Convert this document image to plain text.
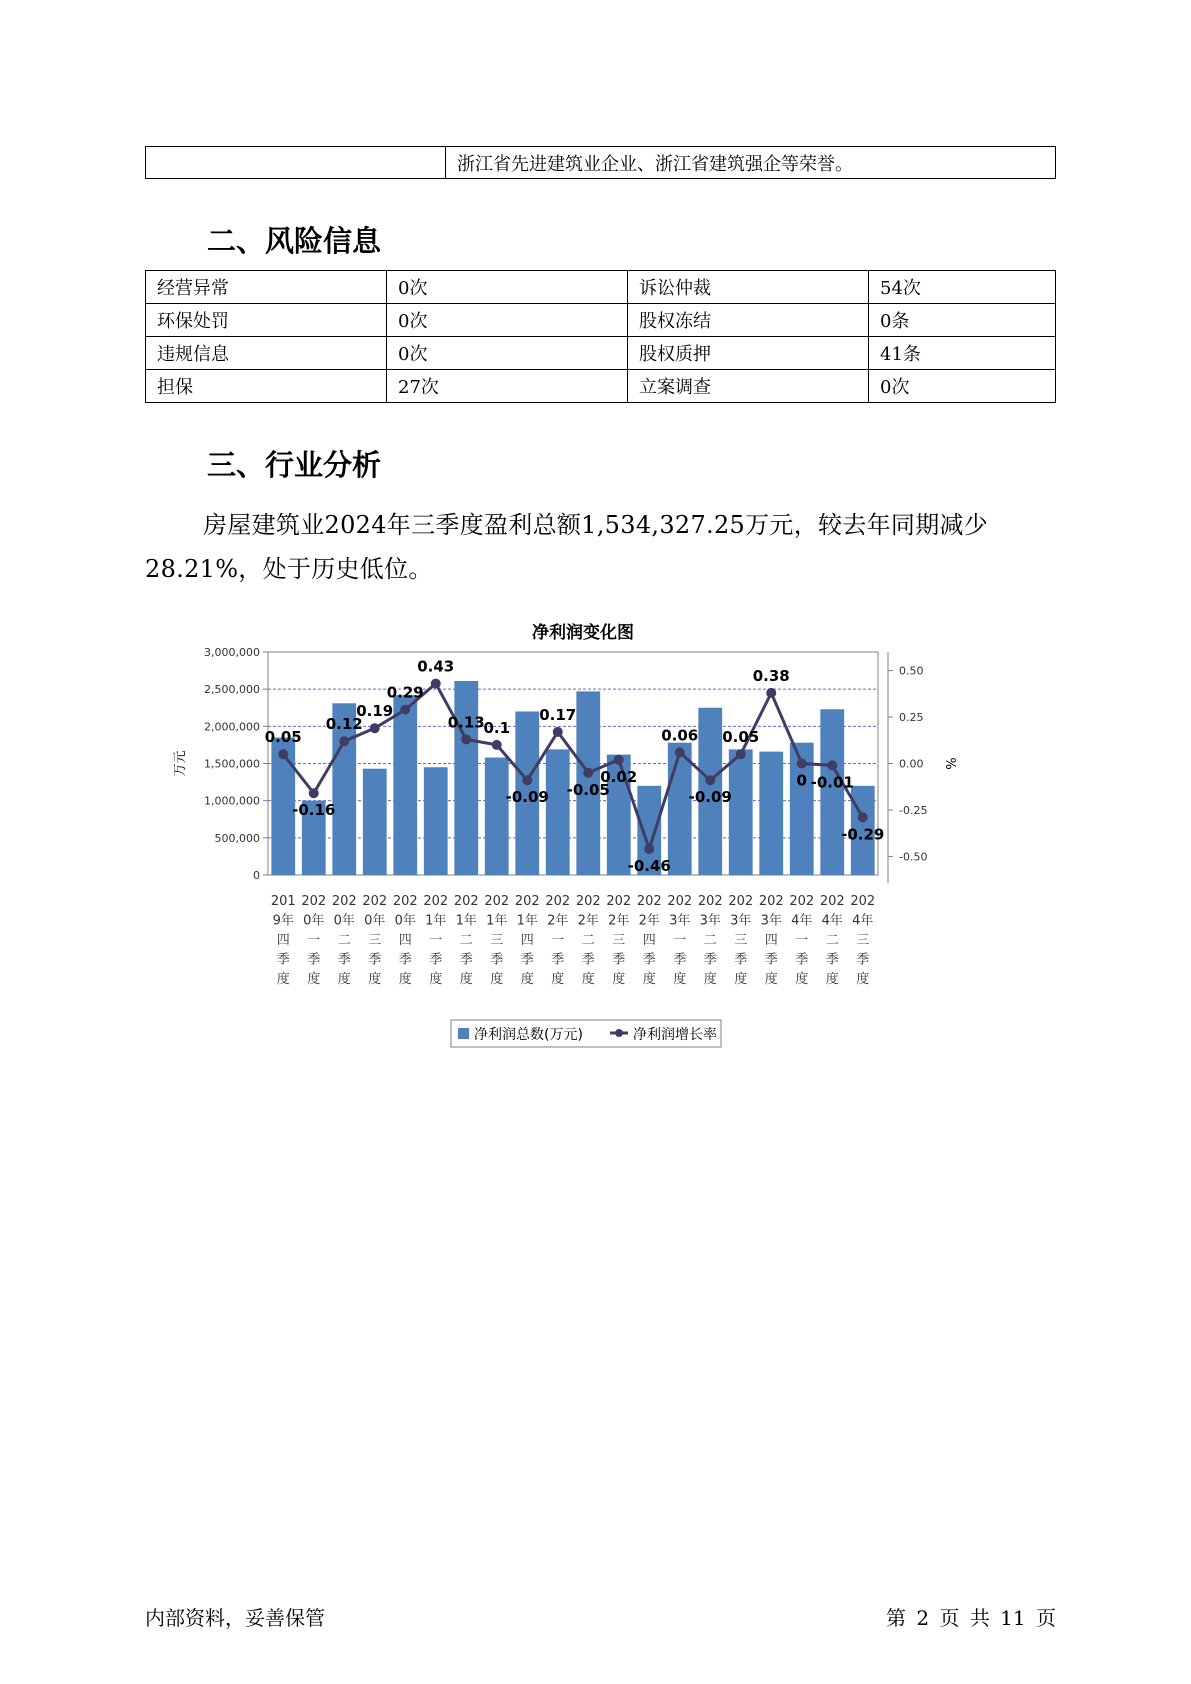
	浙江省先进建筑业企业、浙江省建筑强企等荣誉。
二、风险信息
经营异常	0次	诉讼仲裁	54次
环保处罚	0次	股权冻结	0条
违规信息	0次	股权质押	41条
担保	27次	立案调查	0次
三、行业分析

房屋建筑业2024年三季度盈利总额1,534,327.25万元，较去年同期减少28.21%，处于历史低位。

净利润变化图
3,000,000
2,500,000
2,000,000
1,500,000
1,000,000
500,000
0
0.50
0.25
0.00
-0.25
-0.50
万元	%
0.05
-0.16
0.12
0.19
0.29
0.43
0.13
0.1
-0.09
0.17
-0.05
0.02
-0.46
0.06
-0.09
0.05
0.38
0 -0.01
-0.29
201
9年
四
季
度
202
0年
一
季
度
202
0年
二
季
度
202
0年
三
季
度
202
0年
四
季
度
202
1年
一
季
度
202
1年
二
季
度
202
1年
三
季
度
202
1年
四
季
度
202
2年
一
季
度
202
2年
二
季
度
202
2年
三
季
度
202
2年
四
季
度
202
3年
一
季
度
202
3年
二
季
度
202
3年
三
季
度
202
3年
四
季
度
202
4年
一
季
度
202
4年
二
季
度
202
4年
三
季
度
净利润总数(万元)	净利润增长率
内部资料，妥善保管	第 2 页 共 11 页
